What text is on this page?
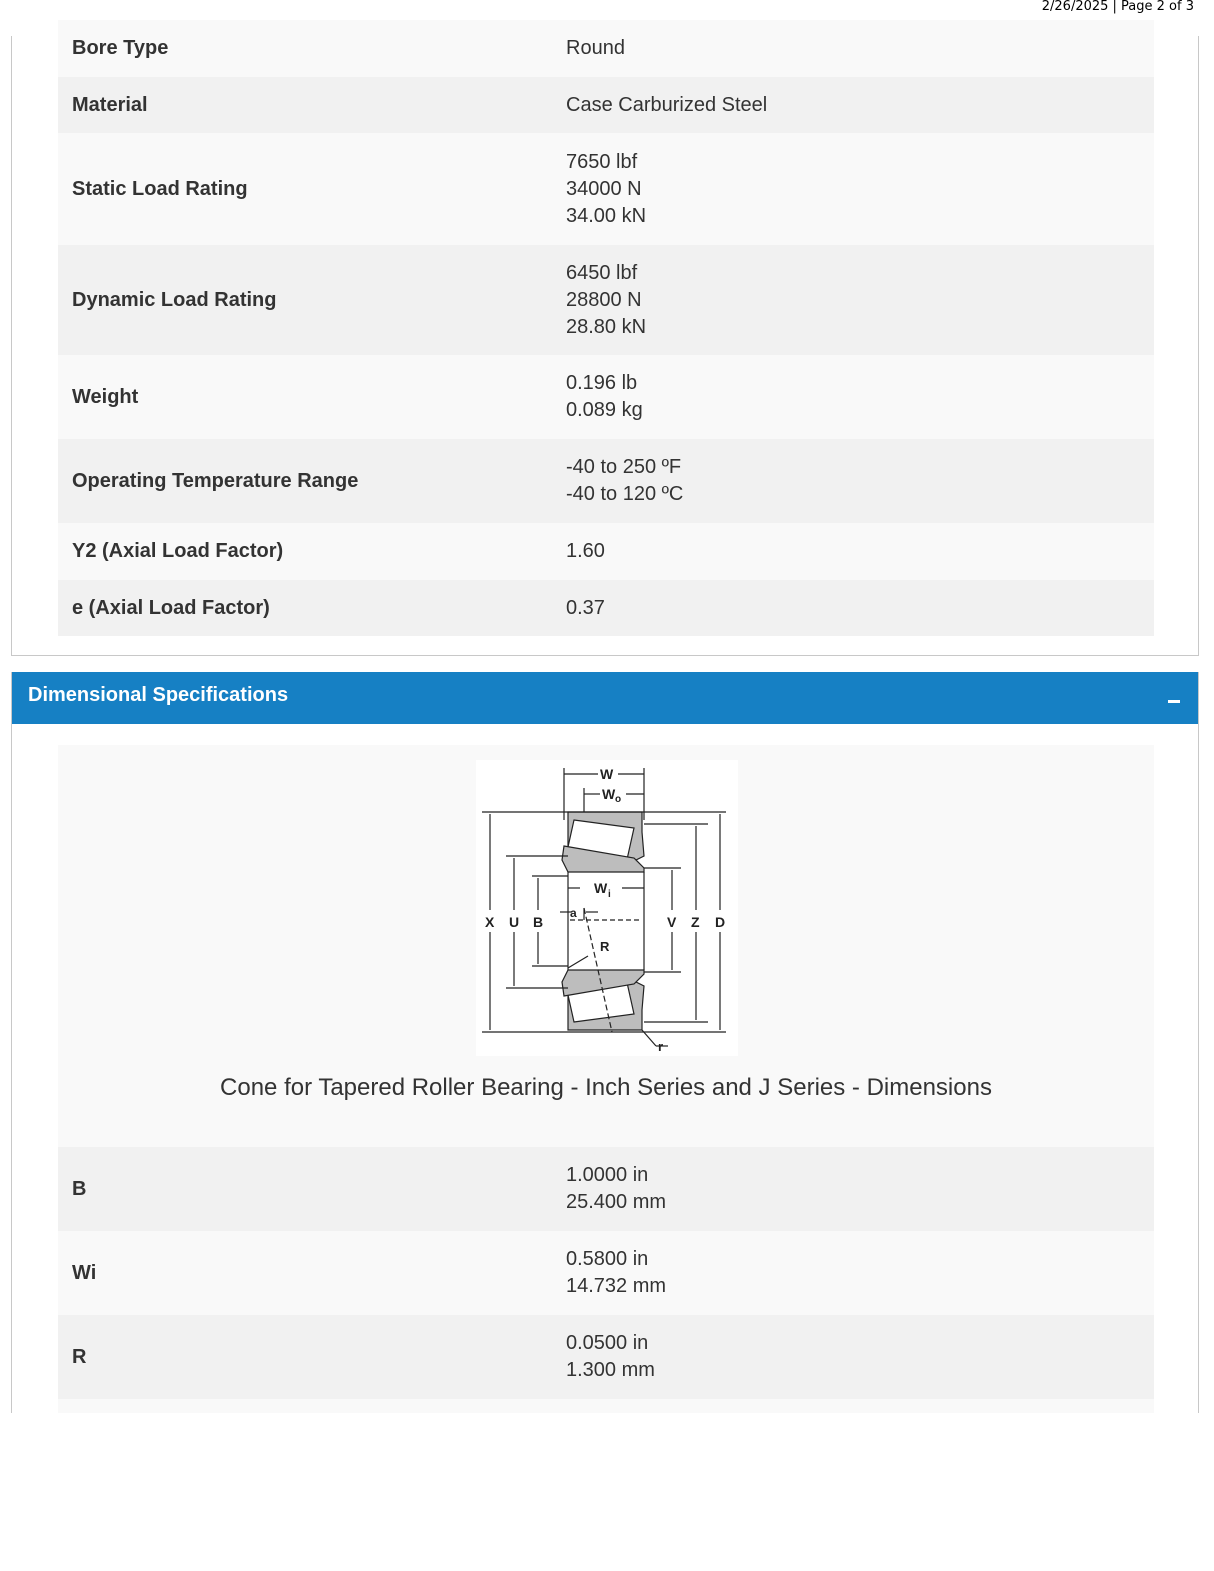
2/26/2025 | Page 2 of 3
Bore Type	Round

Material	Case Carburized Steel

Static Load Rating	7650 lbf
34000 N
34.00 kN

Dynamic Load Rating	6450 lbf
28800 N
28.80 kN

Weight	0.196 lb
0.089 kg

Operating Temperature Range	-40 to 250 ºF
-40 to 120 ºC

Y2 (Axial Load Factor)	1.60

e (Axial Load Factor)	0.37
Dimensional Specifications
W
W o
W i
a
R
r
X U B	V Z D
Cone for Tapered Roller Bearing - Inch Series and J Series - Dimensions
B	1.0000 in
25.400 mm

Wi	0.5800 in
14.732 mm

R	0.0500 in
1.300 mm
